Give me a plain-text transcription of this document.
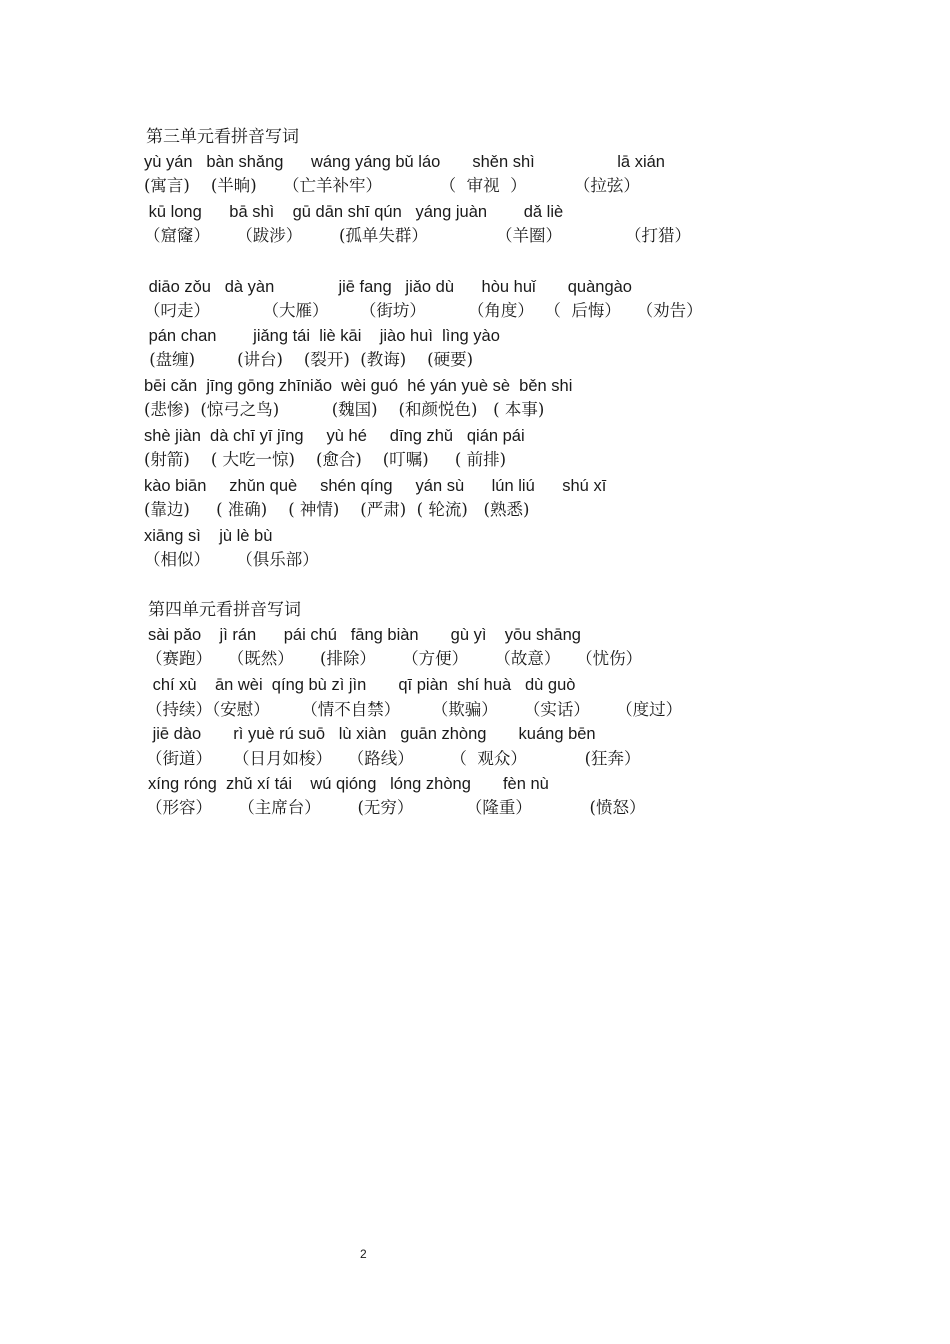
第三单元看拼音写词
yù yán   bàn shǎng      wáng yáng bǔ láo       shěn shì                  lā xián
(寓言)    (半晌)     （亡羊补牢）           （  审视  ）         （拉弦）
kū long      bā shì    gū dān shī qún   yáng juàn        dǎ liè
（窟窿）     （跋涉）       (孤单失群）             （羊圈）            （打猎）
diāo zǒu   dà yàn              jiē fang   jiǎo dù      hòu huǐ       quàngào
（叼走）          （大雁）      （街坊）        （角度）  （  后悔）   （劝告）
pán chan        jiǎng tái  liè kāi    jiào huì  lìng yào
(盘缠)        (讲台)    (裂开)  (教诲)    (硬要)
bēi cǎn  jīng gōng zhīniǎo  wèi guó  hé yán yuè sè  běn shi
(悲惨)  (惊弓之鸟)          (魏国)    (和颜悦色)   ( 本事)
shè jiàn  dà chī yī jīng     yù hé     dīng zhǔ   qián pái
(射箭)    ( 大吃一惊)    (愈合)    (叮嘱)     ( 前排)
kào biān     zhǔn què     shén qíng     yán sù      lún liú      shú xī
(靠边)     ( 准确)    ( 神情)    (严肃)  ( 轮流)   (熟悉)
xiāng sì    jù lè bù
（相似）     （俱乐部）
第四单元看拼音写词
sài pǎo    jì rán      pái chú   fāng biàn       gù yì    yōu shāng
（赛跑）   （既然）     (排除）     （方便）     （故意）   （忧伤）
chí xù    ān wèi  qíng bù zì jìn       qī piàn  shí huà   dù guò
（持续）（安慰）      （情不自禁）      （欺骗）     （实话）     （度过）
jiē dào       rì yuè rú suō   lù xiàn   guān zhòng       kuáng bēn
（街道）    （日月如梭）   （路线）       （  观众）           (狂奔）
xíng róng  zhǔ xí tái    wú qióng   lóng zhòng       fèn nù
（形容）     （主席台）       (无穷）          （隆重）           (愤怒）
2
